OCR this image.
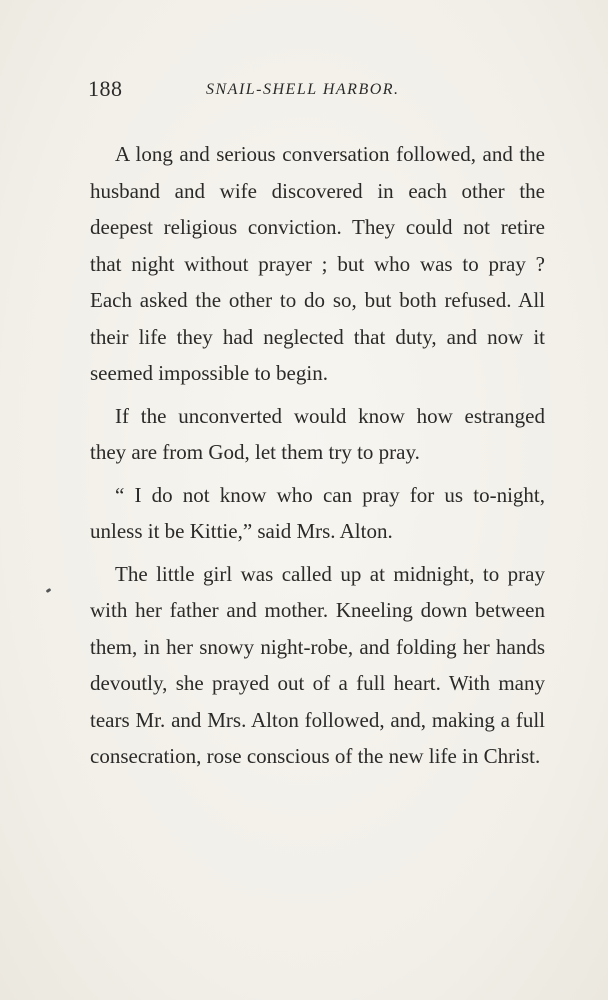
188	SNAIL-SHELL HARBOR.

A long and serious conversation followed, and the husband and wife discovered in each other the deepest religious conviction. They could not retire that night without prayer ; but who was to pray ? Each asked the other to do so, but both refused. All their life they had neglected that duty, and now it seemed impossible to begin.

If the unconverted would know how estranged they are from God, let them try to pray.

“ I do not know who can pray for us to-night, unless it be Kittie,” said Mrs. Alton.

The little girl was called up at midnight, to pray with her father and mother. Kneeling down between them, in her snowy night-robe, and folding her hands devoutly, she prayed out of a full heart. With many tears Mr. and Mrs. Alton followed, and, making a full consecration, rose conscious of the new life in Christ.
